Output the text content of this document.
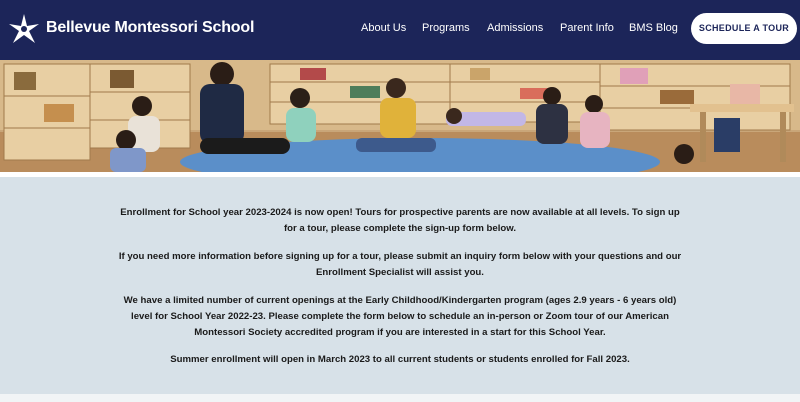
Bellevue Montessori School	About Us Programs Admissions Parent Info BMS Blog	SCHEDULE A TOUR
Enrollment for School year 2023-2024 is now open! Tours for prospective parents are now available at all levels. To sign up
for a tour, please complete the sign-up form below.
If you need more information before signing up for a tour, please submit an inquiry form below with your questions and our
Enrollment Specialist will assist you.
We have a limited number of current openings at the Early Childhood/Kindergarten program (ages 2.9 years - 6 years old)
level for School Year 2022-23. Please complete the form below to schedule an in-person or Zoom tour of our American
Montessori Society accredited program if you are interested in a start for this School Year.
Summer enrollment will open in March 2023 to all current students or students enrolled for Fall 2023.
